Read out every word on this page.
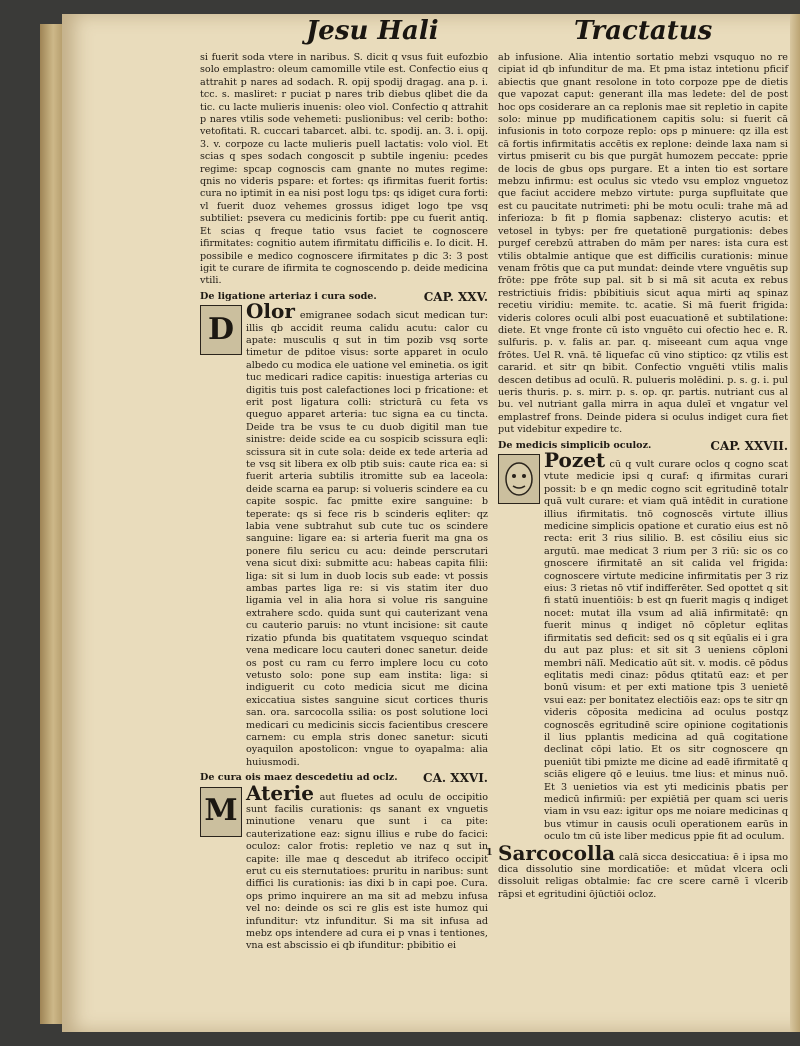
Jesu Hali	Tractatus

si fuerit soda vtere in naribus. S. dicit q vsus fuit eufozbio solo emplastro: oleum camomille vtile est. Confectio eius q attrahit p nares ad sodach. R. opij spodij dragag. ana p. i. tcc. s. masliret: r puciat p nares trib diebus qlibet die da tic. cu lacte mulieris inuenis: oleo viol. Confectio q attrahit p nares vtilis sode vehemeti: puslionibus: vel cerib: botho: vetofitati. R. cuccari tabarcet. albi. tc. spodij. an. 3. i. opij. 3. v. corpoze cu lacte mulieris puell lactatis: volo viol. Et scias q spes sodach congoscit p subtile ingeniu: pcedes regime: spcap cognoscis cam gnante no mutes regime: qnis no videris pspare: et fortes: qs ifirmitas fuerit fortis: cura no iptimit in ea nisi post logu tps: qs idiget cura forti: vl fuerit duoz vehemes grossus idiget logo tpe vsq subtiliet: psevera cu medicinis fortib: ppe cu fuerit antiq. Et scias q freque tatio vsus faciet te cognoscere ifirmitates: cognitio autem ifirmitatu difficilis e. Io dicit. H. possibile e medico cognoscere ifirmitates p dic 3: 3 post igit te curare de ifirmita te cognoscendo p. deide medicina vtili.

De ligatione arteriaz i cura sode.	CAP. XXV.
D
Olor emigranee sodach sicut medican tur: illis qb accidit reuma calidu acutu: calor cu apate: musculis q sut in tim pozib vsq sorte timetur de pditoe visus: sorte apparet in oculo albedo cu modica ele uatione vel eminetia. os igit tuc medicari radice capitis: inuestiga arterias cu digitis tuis post calefactiones loci p fricatione: et erit post ligatura colli: stricturā cu feta vs queguo apparet arteria: tuc signa ea cu tincta. Deide tra be vsus te cu duob digitil man tue sinistre: deide scide ea cu sospicib scissura eqli: scissura sit in cute sola: deide ex tede arteria ad te vsq sit libera ex olb ptib suis: caute rica ea: si fuerit arteria subtilis itromitte sub ea laceola: deide scarna ea parup: si volueris scindere ea cu capite sospic. fac pmitte exire sanguine: b teperate: qs si fece ris b scinderis eqliter: qz labia vene subtrahut sub cute tuc os scindere sanguine: ligare ea: si arteria fuerit ma gna os ponere filu sericu cu acu: deinde perscrutari vena sicut dixi: submitte acu: habeas capita filii: liga: sit si lum in duob locis sub eade: vt possis ambas partes liga re: si vis statim iter duo ligamia vel in alia hora si volue ris sanguine extrahere scdo. quida sunt qui cauterizant vena cu cauterio paruis: no vtunt incisione: sit caute rizatio pfunda bis quatitatem vsquequo scindat vena medicare locu cauteri donec sanetur. deide os post cu ram cu ferro implere locu cu coto vetusto solo: pone sup eam instita: liga: si indiguerit cu coto medicia sicut me dicina exiccatiua sistes sanguine sicut cortices thuris san. ora. sarcocolla ssilia: os post solutione loci medicari cu medicinis siccis facientibus crescere carnem: cu empla stris donec sanetur: sicuti oyaquilon apostolicon: vngue to oyapalma: alia huiusmodi.
De cura ois maez descedetiu ad oclz. CA. XXVI.
M
Aterie aut fluetes ad oculu de occipitio sunt facilis curationis: qs sanant ex vnguetis minutione venaru que sunt i ca pite: cauterizatione eaz: signu illius e rube do facici: oculoz: calor frotis: repletio ve naz q sut in capite: ille mae q descedut ab itrifeco occipit erut cu eis sternutatioes: pruritu in naribus: sunt diffici lis curationis: ias dixi b in capi poe. Cura. ops primo inquirere an ma sit ad mebzu infusa vel no: deinde os sci re glis est iste humoz qui infunditur: vtz infunditur. Si ma sit infusa ad mebz ops intendere ad cura ei p vnas i tentiones, vna est abscissio ei qb ifunditur: pbibitio ei

ab infusione. Alia intentio sortatio mebzi vsququo no re cipiat id qb infunditur de ma. Et pma istaz intetionu pficif abiectis que gnant resolone in toto corpoze ppe de dietis que vapozat caput: generant illa mas ledete: del de post hoc ops cosiderare an ca replonis mae sit repletio in capite solo: minue pp mudificationem capitis solu: si fuerit cā infusionis in toto corpoze replo: ops p minuere: qz illa est cā fortis infirmitatis accētis ex replone: deinde laxa nam si virtus pmiserit cu bis que purgāt humozem peccate: pprie de locis de gbus ops purgare. Et a inten tio est sortare mebzu infirmu: est oculus sic vtedo vsu emploz vnguetoz que faciut accidere mebzo virtute: purga supfluitate que est cu paucitate nutrimeti: phi be motu oculi: trahe mā ad inferioza: b fit p flomia sapbenaz: clisteryo acutis: et vetosel in tybys: per fre quetationē purgationis: debes purgef cerebzū attraben do mām per nares: ista cura est vtilis obtalmie antique que est difficilis curationis: minue venam frōtis que ca put mundat: deinde vtere vnguētis sup frōte: ppe frōte sup pal. sit b si mā sit acuta ex rebus restrictiuis fridis: pbibitiuis sicut aqua mirti aq spinaz recetiu viridiu: memite. tc. acatie. Si mā fuerit frigida: videris colores oculi albi post euacuationē et subtilatione: diete. Et vnge fronte cū isto vnguēto cui ofectio hec e. R. sulfuris. p. v. falis ar. par. q. miseeant cum aqua vnge frōtes. Uel R. vnā. tē liquefac cū vino stiptico: qz vtilis est cararid. et sitr qn bibit. Confectio vnguēti vtilis malis descen detibus ad oculū. R. pulueris molēdini. p. s. g. i. pul ueris thuris. p. s. mirr. p. s. op. qr. partis. nutriant cus al bu. vel nutriant galla mirra in aqua duleī et vngatur vel emplastref frons. Deinde pidera si oculus indiget cura fiet put videbitur expedire tc.

De medicis simplicib oculoz.	CAP. XXVII.
Pozet cū q vult curare oclos q cogno scat vtute medicie ipsi q curaf: q ifirmitas curari possit: b e qn medic cogno scit egritudinē totalr quā vult curare: et viam quā intēdit in curatione illius ifirmitatis. tnō cognoscēs virtute illius medicine simplicis opatione et curatio eius est nō recta: erit 3 rius sililio. B. est cōsiliu eius sic argutū. mae medicat 3 rium per 3 riū: sic os co gnoscere ifirmitatē an sit calida vel frigida: cognoscere virtute medicine infirmitatis per 3 riz eius: 3 rietas nō vtif indifferēter. Sed opottet q sit fi statū inuentiōis: b est qn fuerit magis q indiget nocet: mutat illa vsum ad aliā infirmitatē: qn fuerit minus q indiget nō cōpletur eqlitas ifirmitatis sed deficit: sed os q sit eqūalis ei i gra du aut paz plus: et sit sit 3 ueniens cōploni membri nālī. Medicatio aūt sit. v. modis. cē pōdus eqlitatis medi cinaz: pōdus qtitatū eaz: et per bonū visum: et per exti matione tpis 3 uenietē vsui eaz: per bonitatez electiōis eaz: ops te sitr qn videris cōposita medicina ad oculus postqz cognoscēs egritudinē scire opinione cogitationis il lius pplantis medicina ad quā cogitatione declinat cōpi latio. Et os sitr cognoscere qn pueniūt tibi pmizte me dicine ad eadē ifirmitatē q sciās eligere qō e leuius. tme lius: et minus nuō. Et 3 uenietios via est yti medicinis pbatis per medicū infirmiū: per expiētiā per quam sci ueris viam in vsu eaz: igitur ops me noiare medicinas q bus vtimur in causis oculi operationem earūs in oculo tm cū iste liber medicus ppie fit ad oculum.
1 Sarcocolla calā sicca desiccatiua: ē i ipsa mo dica dissolutio sine mordicatiōe: et mūdat vlcera ocli dissoluit religas obtalmie: fac cre scere carnē ī vlcerib rāpsi et egritudini ōjūctiōi ocloz.
